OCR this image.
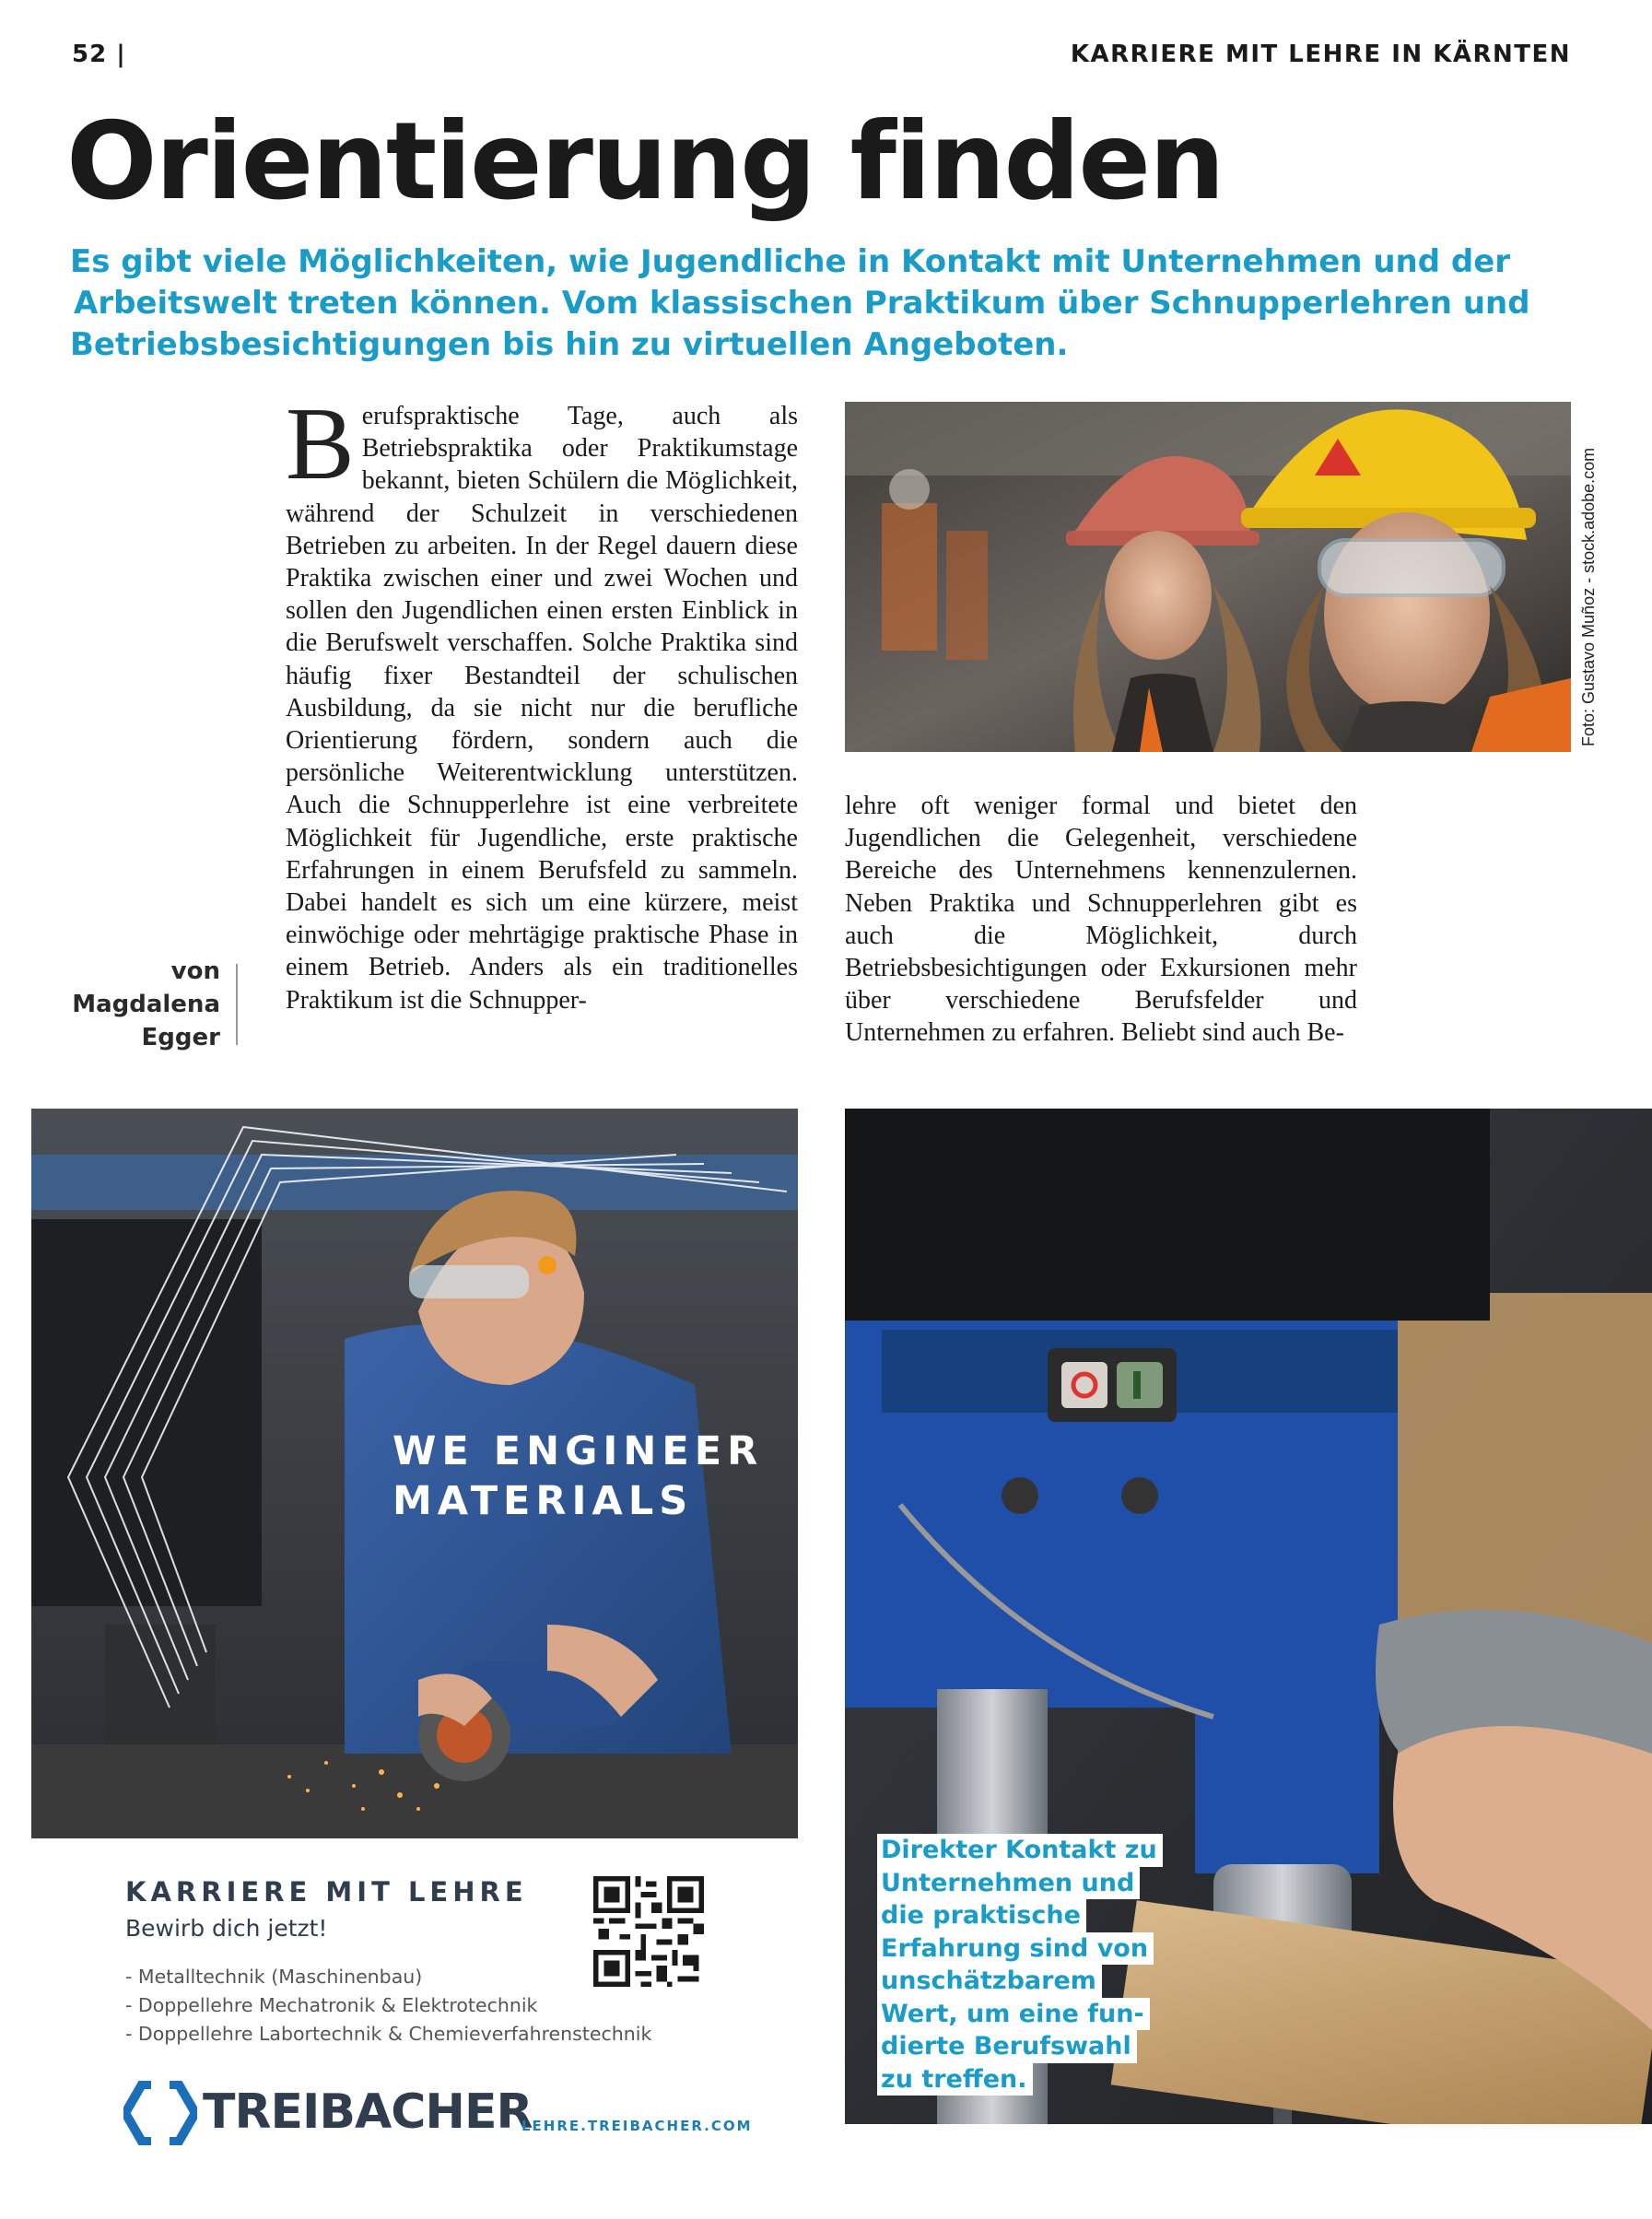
52 |	KARRIERE MIT LEHRE IN KÄRNTEN
Orientierung finden
Es gibt viele Möglichkeiten, wie Jugendliche in Kontakt mit Unternehmen und der
Arbeitswelt treten können. Vom klassischen Praktikum über Schnupperlehren und
Betriebsbesichtigungen bis hin zu virtuellen Angeboten.
von
Magdalena
Egger
B erufspraktische Tage, auch als Betriebspraktika oder Praktikumstage bekannt, bieten Schülern die Möglichkeit, während der Schulzeit in verschiedenen Betrieben zu arbeiten. In der Regel dauern diese Praktika zwischen einer und zwei Wochen und sollen den Jugendlichen einen ersten Einblick in die Berufswelt verschaffen. Solche Praktika sind häufig fixer Bestandteil der schulischen Ausbildung, da sie nicht nur die berufliche Orientierung fördern, sondern auch die persönliche Weiterentwicklung unterstützen. Auch die Schnupperlehre ist eine verbreitete Möglichkeit für Jugendliche, erste praktische Erfahrungen in einem Berufsfeld zu sammeln. Dabei handelt es sich um eine kürzere, meist einwöchige oder mehrtägige praktische Phase in einem Betrieb. Anders als ein traditionelles Praktikum ist die Schnupper-

Foto: Gustavo Muñoz - stock.adobe.com

lehre oft weniger formal und bietet den Jugendlichen die Gelegenheit, verschiedene Bereiche des Unternehmens kennenzulernen. Neben Praktika und Schnupperlehren gibt es auch die Möglichkeit, durch Betriebsbesichtigungen oder Exkursionen mehr über verschiedene Berufsfelder und Unternehmen zu erfahren. Beliebt sind auch Be-

WE ENGINEER
MATERIALS
KARRIERE MIT LEHRE
Bewirb dich jetzt!
- Metalltechnik (Maschinenbau)
- Doppellehre Mechatronik & Elektrotechnik
- Doppellehre Labortechnik & Chemieverfahrenstechnik
TREIBACHER
LEHRE.TREIBACHER.COM
Direkter Kontakt zu
Unternehmen und
die praktische
Erfahrung sind von
unschätzbarem
Wert, um eine fun-
dierte Berufswahl
zu treffen.
